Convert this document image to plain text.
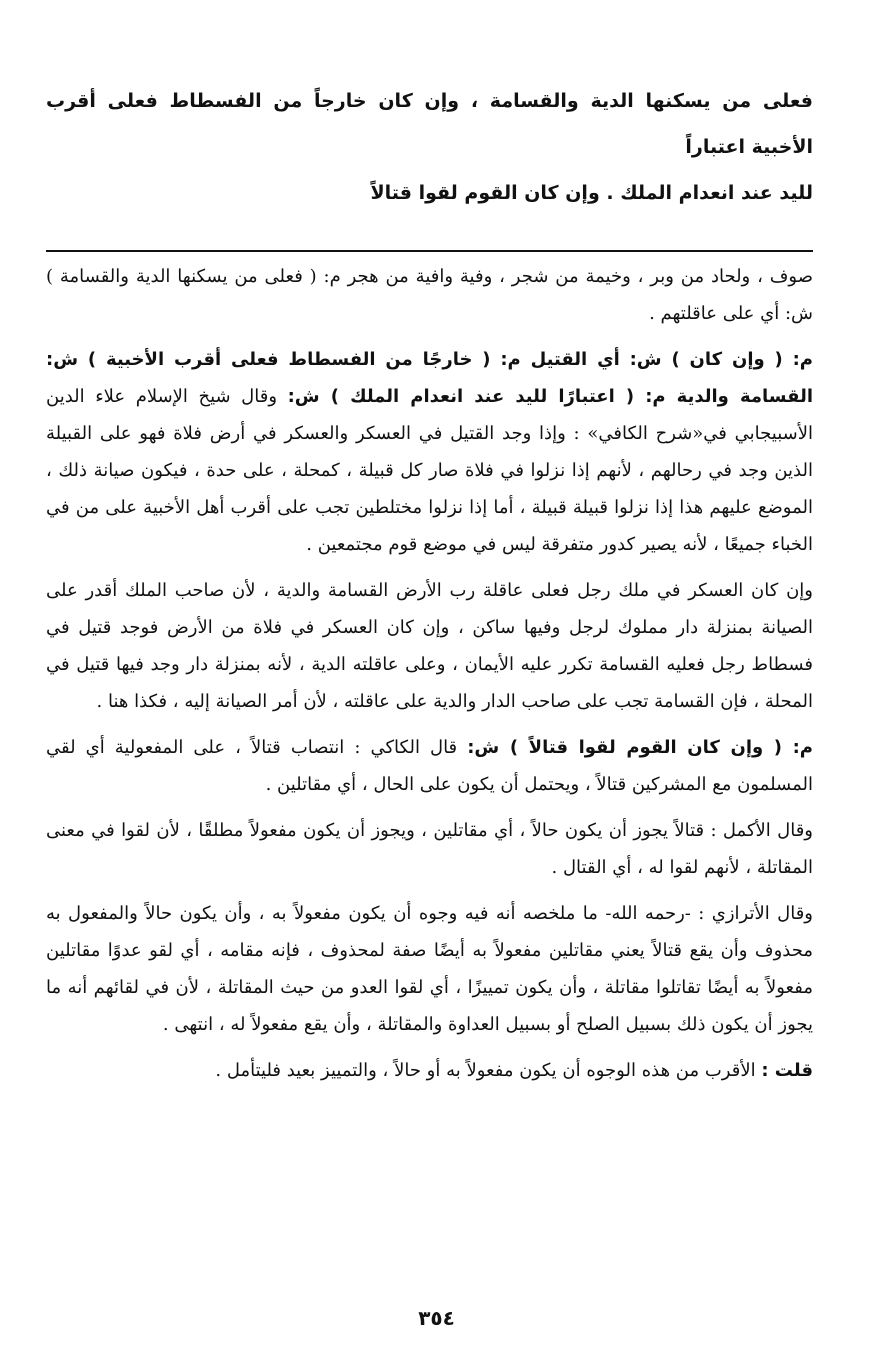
فعلى من يسكنها الدية والقسامة ، وإن كان خارجاً من الفسطاط فعلى أقرب الأخبية اعتباراً
لليد عند انعدام الملك . وإن كان القوم لقوا قتالاً

صوف ، ولحاد من وبر ، وخيمة من شجر ، وفية وافية من هجر م: ( فعلى من يسكنها الدية والقسامة ) ش: أي على عاقلتهم .

م: ( وإن كان ) ش: أي القتيل م: ( خارجًا من الفسطاط فعلى أقرب الأخبية ) ش: القسامة والدية م: ( اعتبارًا لليد عند انعدام الملك ) ش: وقال شيخ الإسلام علاء الدين الأسبيجابي في«شرح الكافي» : وإذا وجد القتيل في العسكر والعسكر في أرض فلاة فهو على القبيلة الذين وجد في رحالهم ، لأنهم إذا نزلوا في فلاة صار كل قبيلة ، كمحلة ، على حدة ، فيكون صيانة ذلك ، الموضع عليهم هذا إذا نزلوا قبيلة قبيلة ، أما إذا نزلوا مختلطين تجب على أقرب أهل الأخبية على من في الخباء جميعًا ، لأنه يصير كدور متفرقة ليس في موضع قوم مجتمعين .

وإن كان العسكر في ملك رجل فعلى عاقلة رب الأرض القسامة والدية ، لأن صاحب الملك أقدر على الصيانة بمنزلة دار مملوك لرجل وفيها ساكن ، وإن كان العسكر في فلاة من الأرض فوجد قتيل في فسطاط رجل فعليه القسامة تكرر عليه الأيمان ، وعلى عاقلته الدية ، لأنه بمنزلة دار وجد فيها قتيل في المحلة ، فإن القسامة تجب على صاحب الدار والدية على عاقلته ، لأن أمر الصيانة إليه ، فكذا هنا .

م: ( وإن كان القوم لقوا قتالاً ) ش: قال الكاكي : انتصاب قتالاً ، على المفعولية أي لقي المسلمون مع المشركين قتالاً ، ويحتمل أن يكون على الحال ، أي مقاتلين .

وقال الأكمل : قتالاً يجوز أن يكون حالاً ، أي مقاتلين ، ويجوز أن يكون مفعولاً مطلقًا ، لأن لقوا في معنى المقاتلة ، لأنهم لقوا له ، أي القتال .

وقال الأترازي : -رحمه الله- ما ملخصه أنه فيه وجوه أن يكون مفعولاً به ، وأن يكون حالاً والمفعول به محذوف وأن يقع قتالاً يعني مقاتلين مفعولاً به أيضًا صفة لمحذوف ، فإنه مقامه ، أي لقو عدوًا مقاتلين مفعولاً به أيضًا تقاتلوا مقاتلة ، وأن يكون تمييزًا ، أي لقوا العدو من حيث المقاتلة ، لأن في لقائهم أنه ما يجوز أن يكون ذلك بسبيل الصلح أو بسبيل العداوة والمقاتلة ، وأن يقع مفعولاً له ، انتهى .

قلت : الأقرب من هذه الوجوه أن يكون مفعولاً به أو حالاً ، والتمييز بعيد فليتأمل .

٣٥٤
